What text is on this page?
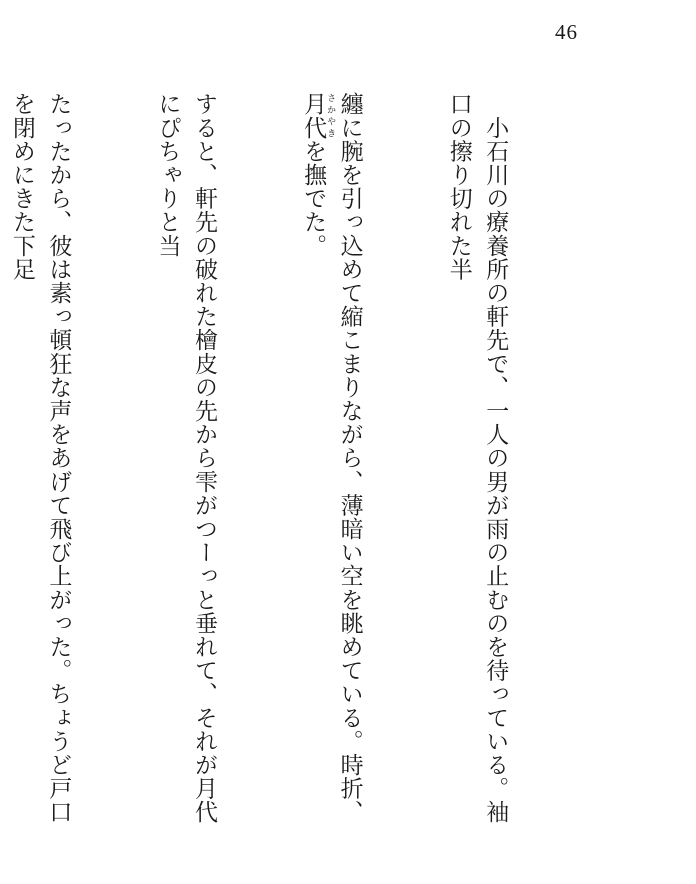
46

　小石川の療養所の軒先で、一人の男が雨の止むのを待っている。袖口の擦り切れた半

纏に腕を引っ込めて縮こまりながら、薄暗い空を眺めている。時折、月代 さかやきを撫でた。

すると、軒先の破れた檜皮の先から雫がつーっと垂れて、それが月代にぴちゃりと当

たったから、彼は素っ頓狂な声をあげて飛び上がった。ちょうど戸口を閉めにきた下足
